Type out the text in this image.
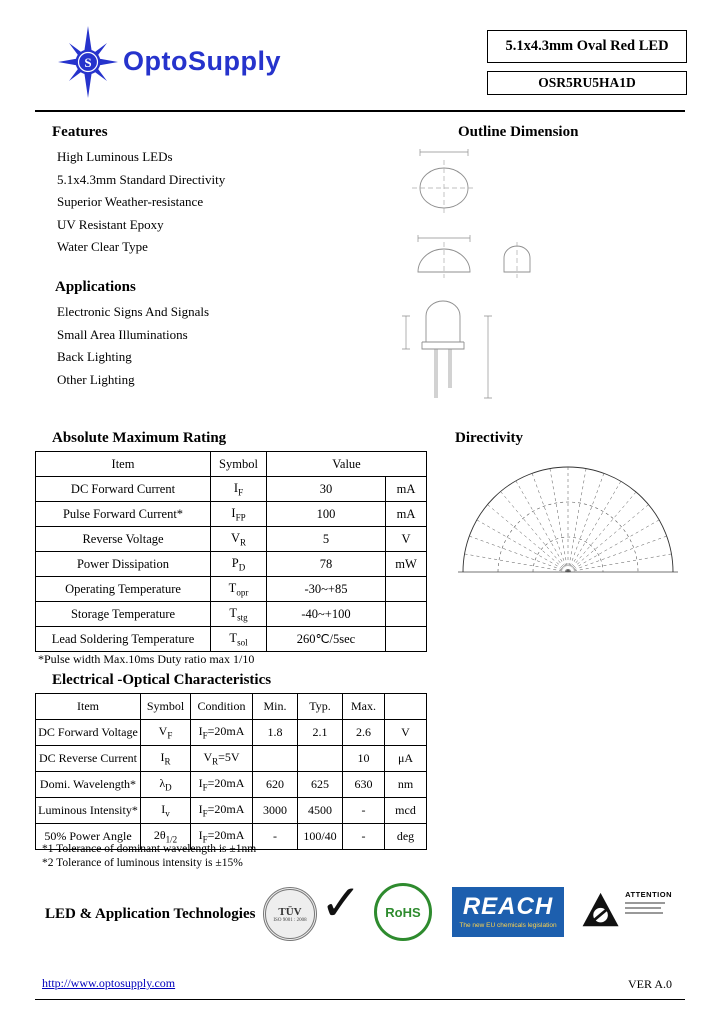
S OptoSupply	5.1x4.3mm Oval Red LED
OSR5RU5HA1D
Features
High Luminous LEDs
5.1x4.3mm Standard Directivity
Superior Weather-resistance
UV Resistant Epoxy
Water Clear Type
Outline Dimension
Applications
Electronic Signs And Signals
Small Area Illuminations
Back Lighting
Other Lighting
Absolute Maximum Rating
Item	Symbol	Value	
DC Forward Current	$I_F$	30	mA
Pulse Forward Current*	$I_{FP}$	100	mA
Reverse Voltage	$V_R$	5	V
Power Dissipation	$P_D$	78	mW
Operating Temperature	$T_{opr}$	-30~+85	
Storage Temperature	$T_{stg}$	-40~+100	
Lead Soldering Temperature	$T_{sol}$	260℃/5sec	
*Pulse width Max.10ms Duty ratio max 1/10
Directivity
Electrical -Optical Characteristics
Item	Symbol	Condition	Min.	Typ.	Max.	
DC Forward Voltage	$V_F$	$I_F=20mA$	1.8	2.1	2.6	V
DC Reverse Current	$I_R$	$V_R=5V$			10	μA
Domi. Wavelength*	$\lambda_D$	$I_F=20mA$	620	625	630	nm
Luminous Intensity*	$I_v$	$I_F=20mA$	3000	4500	-	mcd
50% Power Angle	$2\theta_{1/2}$	$I_F=20mA$	-	100/40	-	deg
*1 Tolerance of dominant wavelength is ±1nm
*2 Tolerance of luminous intensity is ±15%
LED & Application Technologies TÜV
ISO 9001 : 2008 ✓ RoHS REACH
The new EU chemicals legislation
ATTENTION
http://www.optosupply.com	VER A.0
